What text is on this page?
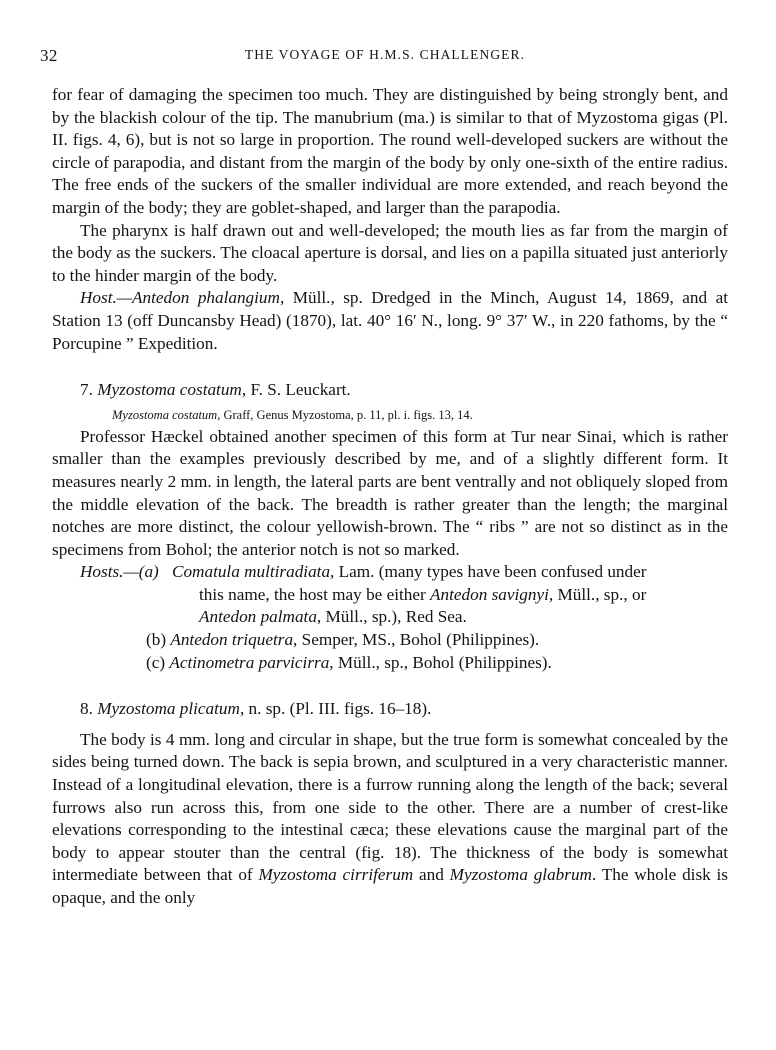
32	THE VOYAGE OF H.M.S. CHALLENGER.

for fear of damaging the specimen too much. They are distinguished by being strongly bent, and by the blackish colour of the tip. The manubrium (ma.) is similar to that of Myzostoma gigas (Pl. II. figs. 4, 6), but is not so large in proportion. The round well-developed suckers are without the circle of parapodia, and distant from the margin of the body by only one-sixth of the entire radius. The free ends of the suckers of the smaller individual are more extended, and reach beyond the margin of the body; they are goblet-shaped, and larger than the parapodia.

The pharynx is half drawn out and well-developed; the mouth lies as far from the margin of the body as the suckers. The cloacal aperture is dorsal, and lies on a papilla situated just anteriorly to the hinder margin of the body.

Host.—Antedon phalangium, Müll., sp. Dredged in the Minch, August 14, 1869, and at Station 13 (off Duncansby Head) (1870), lat. 40° 16′ N., long. 9° 37′ W., in 220 fathoms, by the “ Porcupine ” Expedition.

7. Myzostoma costatum, F. S. Leuckart.

Myzostoma costatum, Graff, Genus Myzostoma, p. 11, pl. i. figs. 13, 14.

Professor Hæckel obtained another specimen of this form at Tur near Sinai, which is rather smaller than the examples previously described by me, and of a slightly different form. It measures nearly 2 mm. in length, the lateral parts are bent ventrally and not obliquely sloped from the middle elevation of the back. The breadth is rather greater than the length; the marginal notches are more distinct, the colour yellowish-brown. The “ ribs ” are not so distinct as in the specimens from Bohol; the anterior notch is not so marked.

Hosts.—(a) Comatula multiradiata, Lam. (many types have been confused under
this name, the host may be either Antedon savignyi, Müll., sp., or
Antedon palmata, Müll., sp.), Red Sea.
(b) Antedon triquetra, Semper, MS., Bohol (Philippines).
(c) Actinometra parvicirra, Müll., sp., Bohol (Philippines).

8. Myzostoma plicatum, n. sp. (Pl. III. figs. 16–18).

The body is 4 mm. long and circular in shape, but the true form is somewhat concealed by the sides being turned down. The back is sepia brown, and sculptured in a very characteristic manner. Instead of a longitudinal elevation, there is a furrow running along the length of the back; several furrows also run across this, from one side to the other. There are a number of crest-like elevations corresponding to the intestinal cæca; these elevations cause the marginal part of the body to appear stouter than the central (fig. 18). The thickness of the body is somewhat intermediate between that of Myzostoma cirriferum and Myzostoma glabrum. The whole disk is opaque, and the only
